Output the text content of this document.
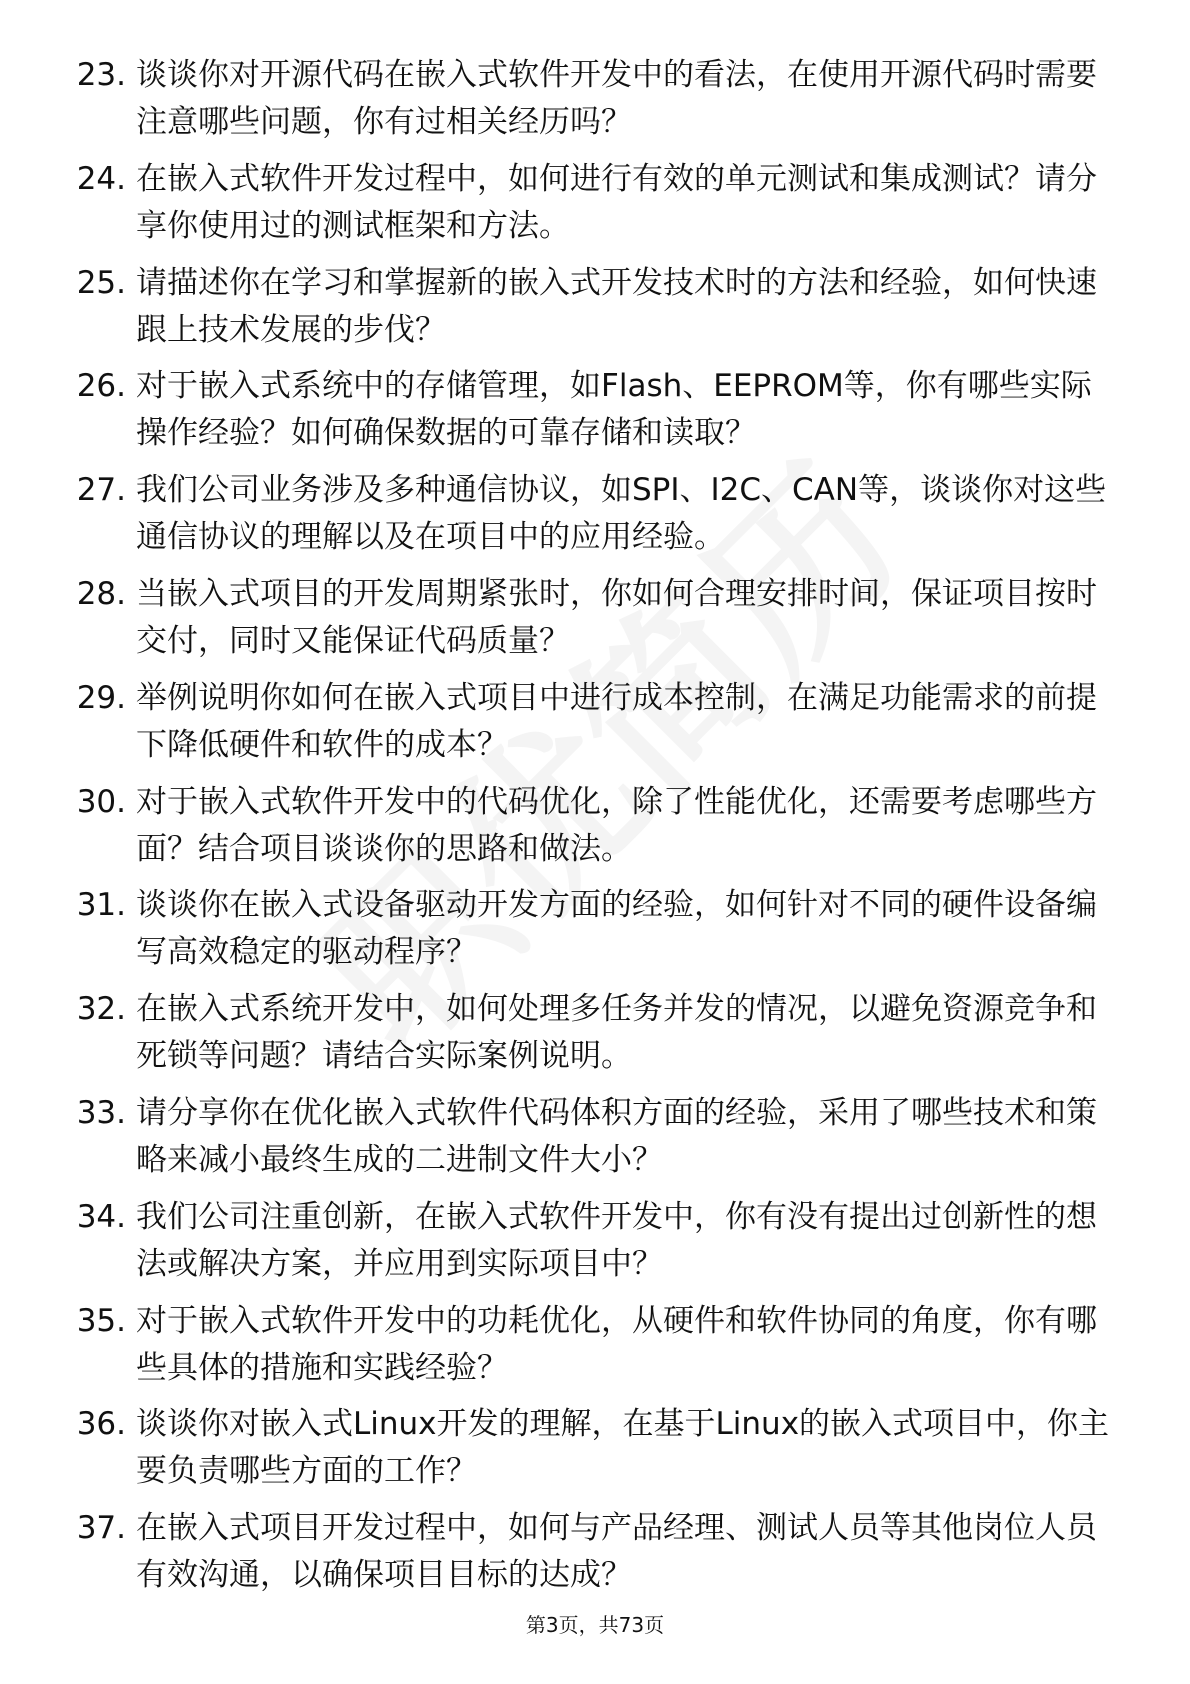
23. 谈谈你对开源代码在嵌入式软件开发中的看法，在使用开源代码时需要注意哪些问题，你有过相关经历吗？
24. 在嵌入式软件开发过程中，如何进行有效的单元测试和集成测试？请分享你使用过的测试框架和方法。
25. 请描述你在学习和掌握新的嵌入式开发技术时的方法和经验，如何快速跟上技术发展的步伐？
26. 对于嵌入式系统中的存储管理，如Flash、EEPROM等，你有哪些实际操作经验？如何确保数据的可靠存储和读取？
27. 我们公司业务涉及多种通信协议，如SPI、I2C、CAN等，谈谈你对这些通信协议的理解以及在项目中的应用经验。
28. 当嵌入式项目的开发周期紧张时，你如何合理安排时间，保证项目按时交付，同时又能保证代码质量？
29. 举例说明你如何在嵌入式项目中进行成本控制，在满足功能需求的前提下降低硬件和软件的成本？
30. 对于嵌入式软件开发中的代码优化，除了性能优化，还需要考虑哪些方面？结合项目谈谈你的思路和做法。
31. 谈谈你在嵌入式设备驱动开发方面的经验，如何针对不同的硬件设备编写高效稳定的驱动程序？
32. 在嵌入式系统开发中，如何处理多任务并发的情况，以避免资源竞争和死锁等问题？请结合实际案例说明。
33. 请分享你在优化嵌入式软件代码体积方面的经验，采用了哪些技术和策略来减小最终生成的二进制文件大小？
34. 我们公司注重创新，在嵌入式软件开发中，你有没有提出过创新性的想法或解决方案，并应用到实际项目中？
35. 对于嵌入式软件开发中的功耗优化，从硬件和软件协同的角度，你有哪些具体的措施和实践经验？
36. 谈谈你对嵌入式Linux开发的理解，在基于Linux的嵌入式项目中，你主要负责哪些方面的工作？
37. 在嵌入式项目开发过程中，如何与产品经理、测试人员等其他岗位人员有效沟通，以确保项目目标的达成？
第3页，共73页
